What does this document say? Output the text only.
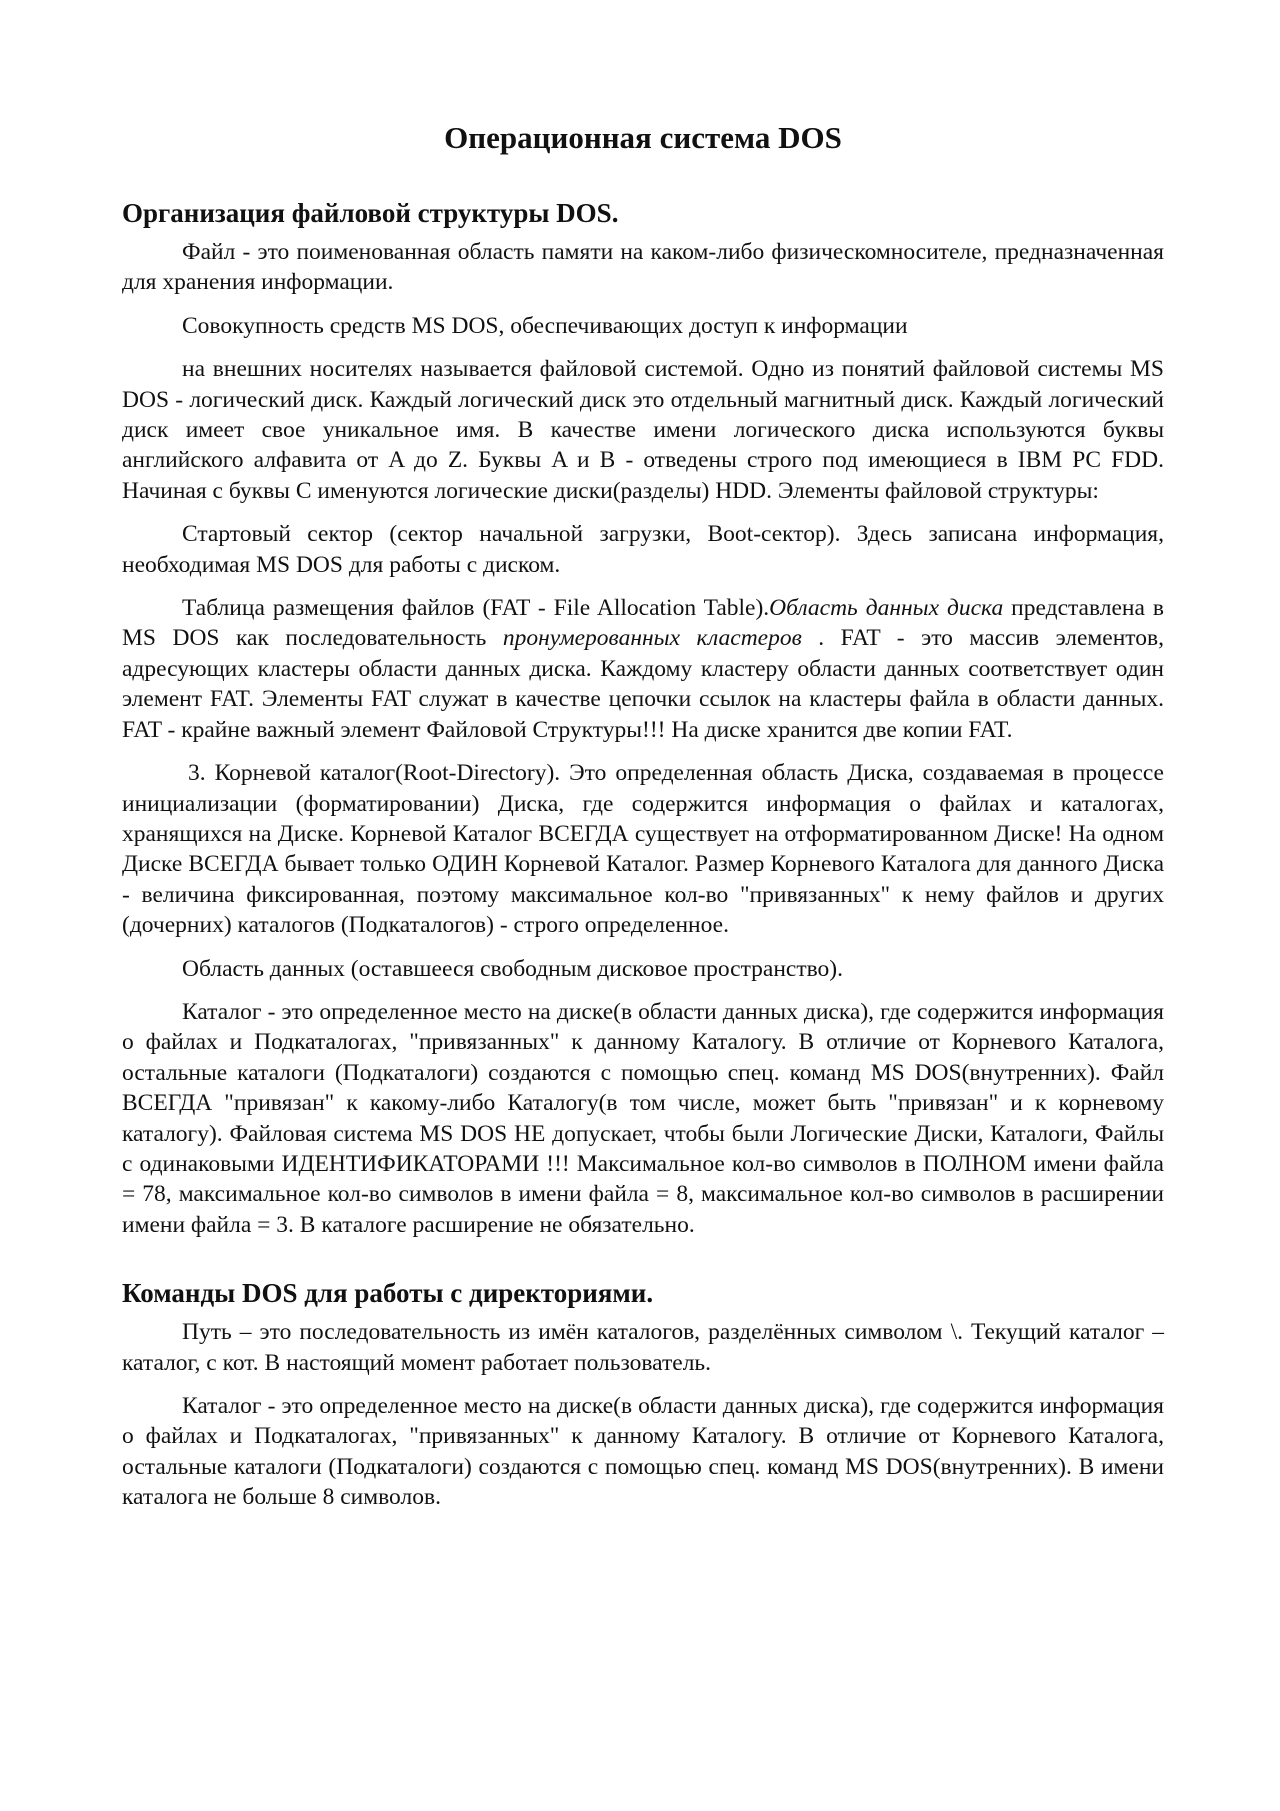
Операционная система DOS
Организация файловой структуры DOS.

Файл - это поименованная область памяти на каком-либо физическомносителе, предназначенная для хранения информации.

Совокупность средств MS DOS, обеспечивающих доступ к информации

на внешних носителях называется файловой системой. Одно из понятий файловой системы MS DOS - логический диск. Каждый логический диск это отдельный магнитный диск. Каждый логический диск имеет свое уникальное имя. В качестве имени логического диска используются буквы английского алфавита от A до Z. Буквы A и B - отведены строго под имеющиеся в IBM PC FDD. Начиная с буквы С именуются логические диски(разделы) HDD. Элементы файловой структуры:

Стартовый сектор (сектор начальной загрузки, Boot-сектор). Здесь записана информация, необходимая MS DOS для работы с диском.

Таблица размещения файлов (FAT - File Allocation Table).Область данных диска представлена в MS DOS как последовательность пронумерованных кластеров . FAT - это массив элементов, адресующих кластеры области данных диска. Каждому кластеру области данных соответствует один элемент FAT. Элементы FAT служат в качестве цепочки ссылок на кластеры файла в области данных. FAT - крайне важный элемент Файловой Структуры!!! На диске хранится две копии FAT.

3. Корневой каталог(Root-Directory). Это определенная область Диска, создаваемая в процессе инициализации (форматировании) Диска, где содержится информация о файлах и каталогах, хранящихся на Диске. Корневой Каталог ВСЕГДА существует на отформатированном Диске! На одном Диске ВСЕГДА бывает только ОДИН Корневой Каталог. Размер Корневого Каталога для данного Диска - величина фиксированная, поэтому максимальное кол-во "привязанных" к нему файлов и других (дочерних) каталогов (Подкаталогов) - строго определенное.

Область данных (оставшееся свободным дисковое пространство).

Каталог - это определенное место на диске(в области данных диска), где содержится информация о файлах и Подкаталогах, "привязанных" к данному Каталогу. В отличие от Корневого Каталога, остальные каталоги (Подкаталоги) создаются с помощью спец. команд MS DOS(внутренних). Файл ВСЕГДА "привязан" к какому-либо Каталогу(в том числе, может быть "привязан" и к корневому каталогу). Файловая система MS DOS НЕ допускает, чтобы были Логические Диски, Каталоги, Файлы с одинаковыми ИДЕНТИФИКАТОРАМИ !!! Максимальное кол-во символов в ПОЛНОМ имени файла = 78, максимальное кол-во символов в имени файла = 8, максимальное кол-во символов в расширении имени файла = 3. В каталоге расширение не обязательно.

Команды DOS для работы с директориями.

Путь – это последовательность из имён каталогов, разделённых символом \. Текущий каталог – каталог, с кот. В настоящий момент работает пользователь.

Каталог - это определенное место на диске(в области данных диска), где содержится информация о файлах и Подкаталогах, "привязанных" к данному Каталогу. В отличие от Корневого Каталога, остальные каталоги (Подкаталоги) создаются с помощью спец. команд MS DOS(внутренних). В имени каталога не больше 8 символов.
